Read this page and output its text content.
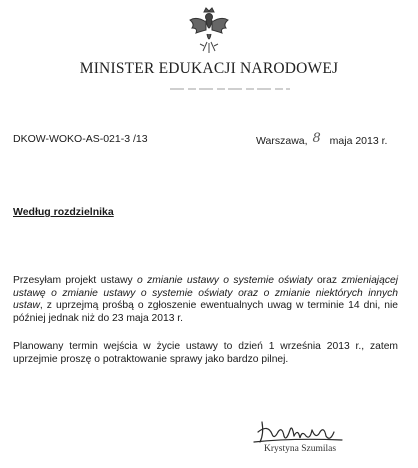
MINISTER EDUKACJI NARODOWEJ
DKOW-WOKO-AS-021-3 /13	Warszawa, 8 maja 2013 r.
Według rozdzielnika
Przesyłam projekt ustawy o zmianie ustawy o systemie oświaty oraz zmieniającej ustawę o zmianie ustawy o systemie oświaty oraz o zmianie niektórych innych ustaw, z uprzejmą prośbą o zgłoszenie ewentualnych uwag w terminie 14 dni, nie później jednak niż do 23 maja 2013 r.
Planowany termin wejścia w życie ustawy to dzień 1 września 2013 r., zatem uprzejmie proszę o potraktowanie sprawy jako bardzo pilnej.
Krystyna Szumilas
